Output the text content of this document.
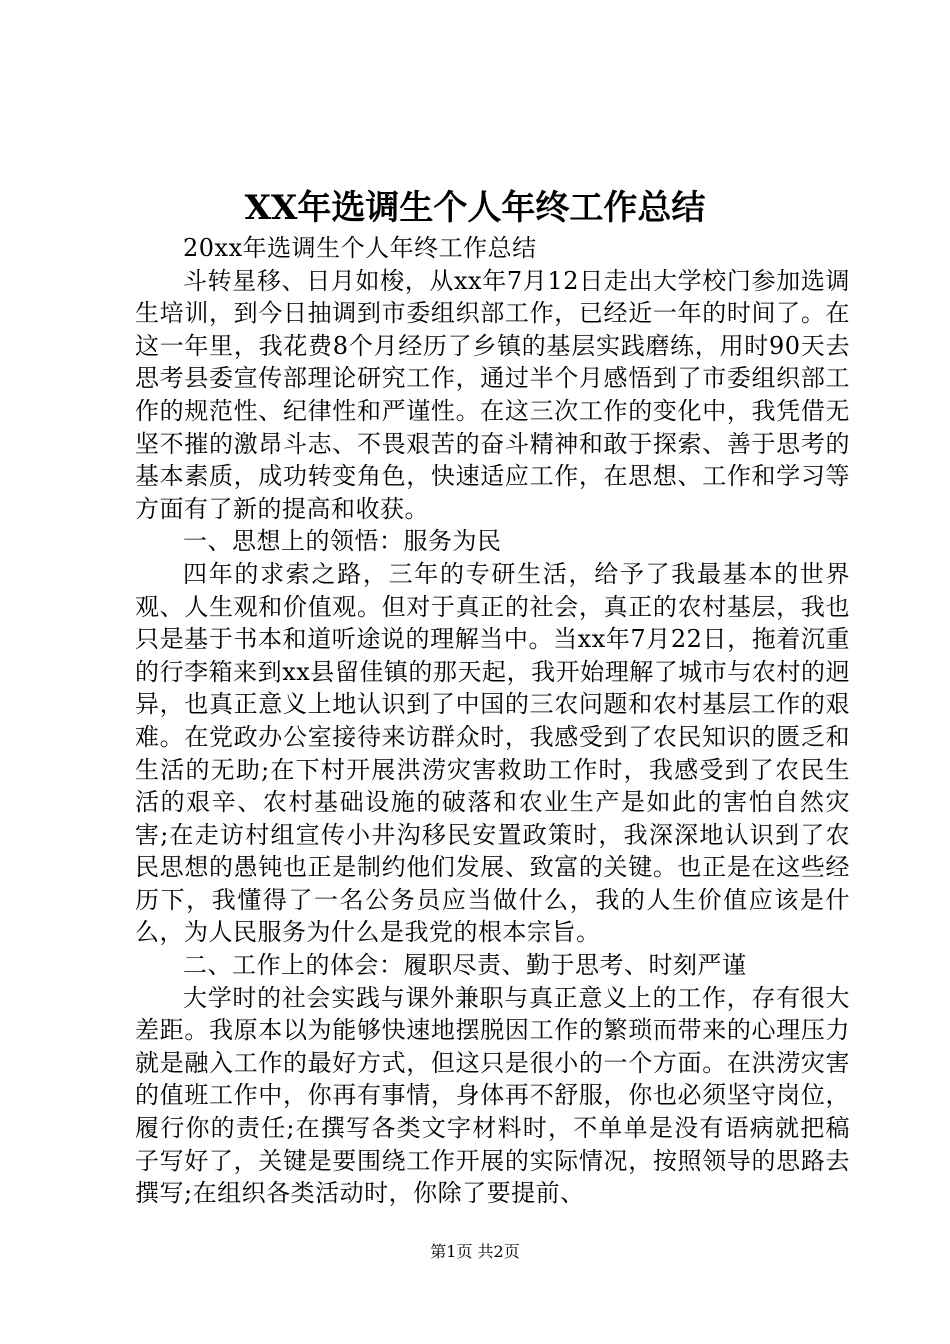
XX年选调生个人年终工作总结

20xx年选调生个人年终工作总结

斗转星移、日月如梭，从xx年7月12日走出大学校门参加选调生培训，到今日抽调到市委组织部工作，已经近一年的时间了。在这一年里，我花费8个月经历了乡镇的基层实践磨练，用时90天去思考县委宣传部理论研究工作，通过半个月感悟到了市委组织部工作的规范性、纪律性和严谨性。在这三次工作的变化中，我凭借无坚不摧的激昂斗志、不畏艰苦的奋斗精神和敢于探索、善于思考的基本素质，成功转变角色，快速适应工作，在思想、工作和学习等方面有了新的提高和收获。

一、思想上的领悟：服务为民

四年的求索之路，三年的专研生活，给予了我最基本的世界观、人生观和价值观。但对于真正的社会，真正的农村基层，我也只是基于书本和道听途说的理解当中。当xx年7月22日，拖着沉重的行李箱来到xx县留佳镇的那天起，我开始理解了城市与农村的迥异，也真正意义上地认识到了中国的三农问题和农村基层工作的艰难。在党政办公室接待来访群众时，我感受到了农民知识的匮乏和生活的无助;在下村开展洪涝灾害救助工作时，我感受到了农民生活的艰辛、农村基础设施的破落和农业生产是如此的害怕自然灾害;在走访村组宣传小井沟移民安置政策时，我深深地认识到了农民思想的愚钝也正是制约他们发展、致富的关键。也正是在这些经历下，我懂得了一名公务员应当做什么，我的人生价值应该是什么，为人民服务为什么是我党的根本宗旨。

二、工作上的体会：履职尽责、勤于思考、时刻严谨

大学时的社会实践与课外兼职与真正意义上的工作，存有很大差距。我原本以为能够快速地摆脱因工作的繁琐而带来的心理压力就是融入工作的最好方式，但这只是很小的一个方面。在洪涝灾害的值班工作中，你再有事情，身体再不舒服，你也必须坚守岗位，履行你的责任;在撰写各类文字材料时，不单单是没有语病就把稿子写好了，关键是要围绕工作开展的实际情况，按照领导的思路去撰写;在组织各类活动时，你除了要提前、

第1页 共2页
